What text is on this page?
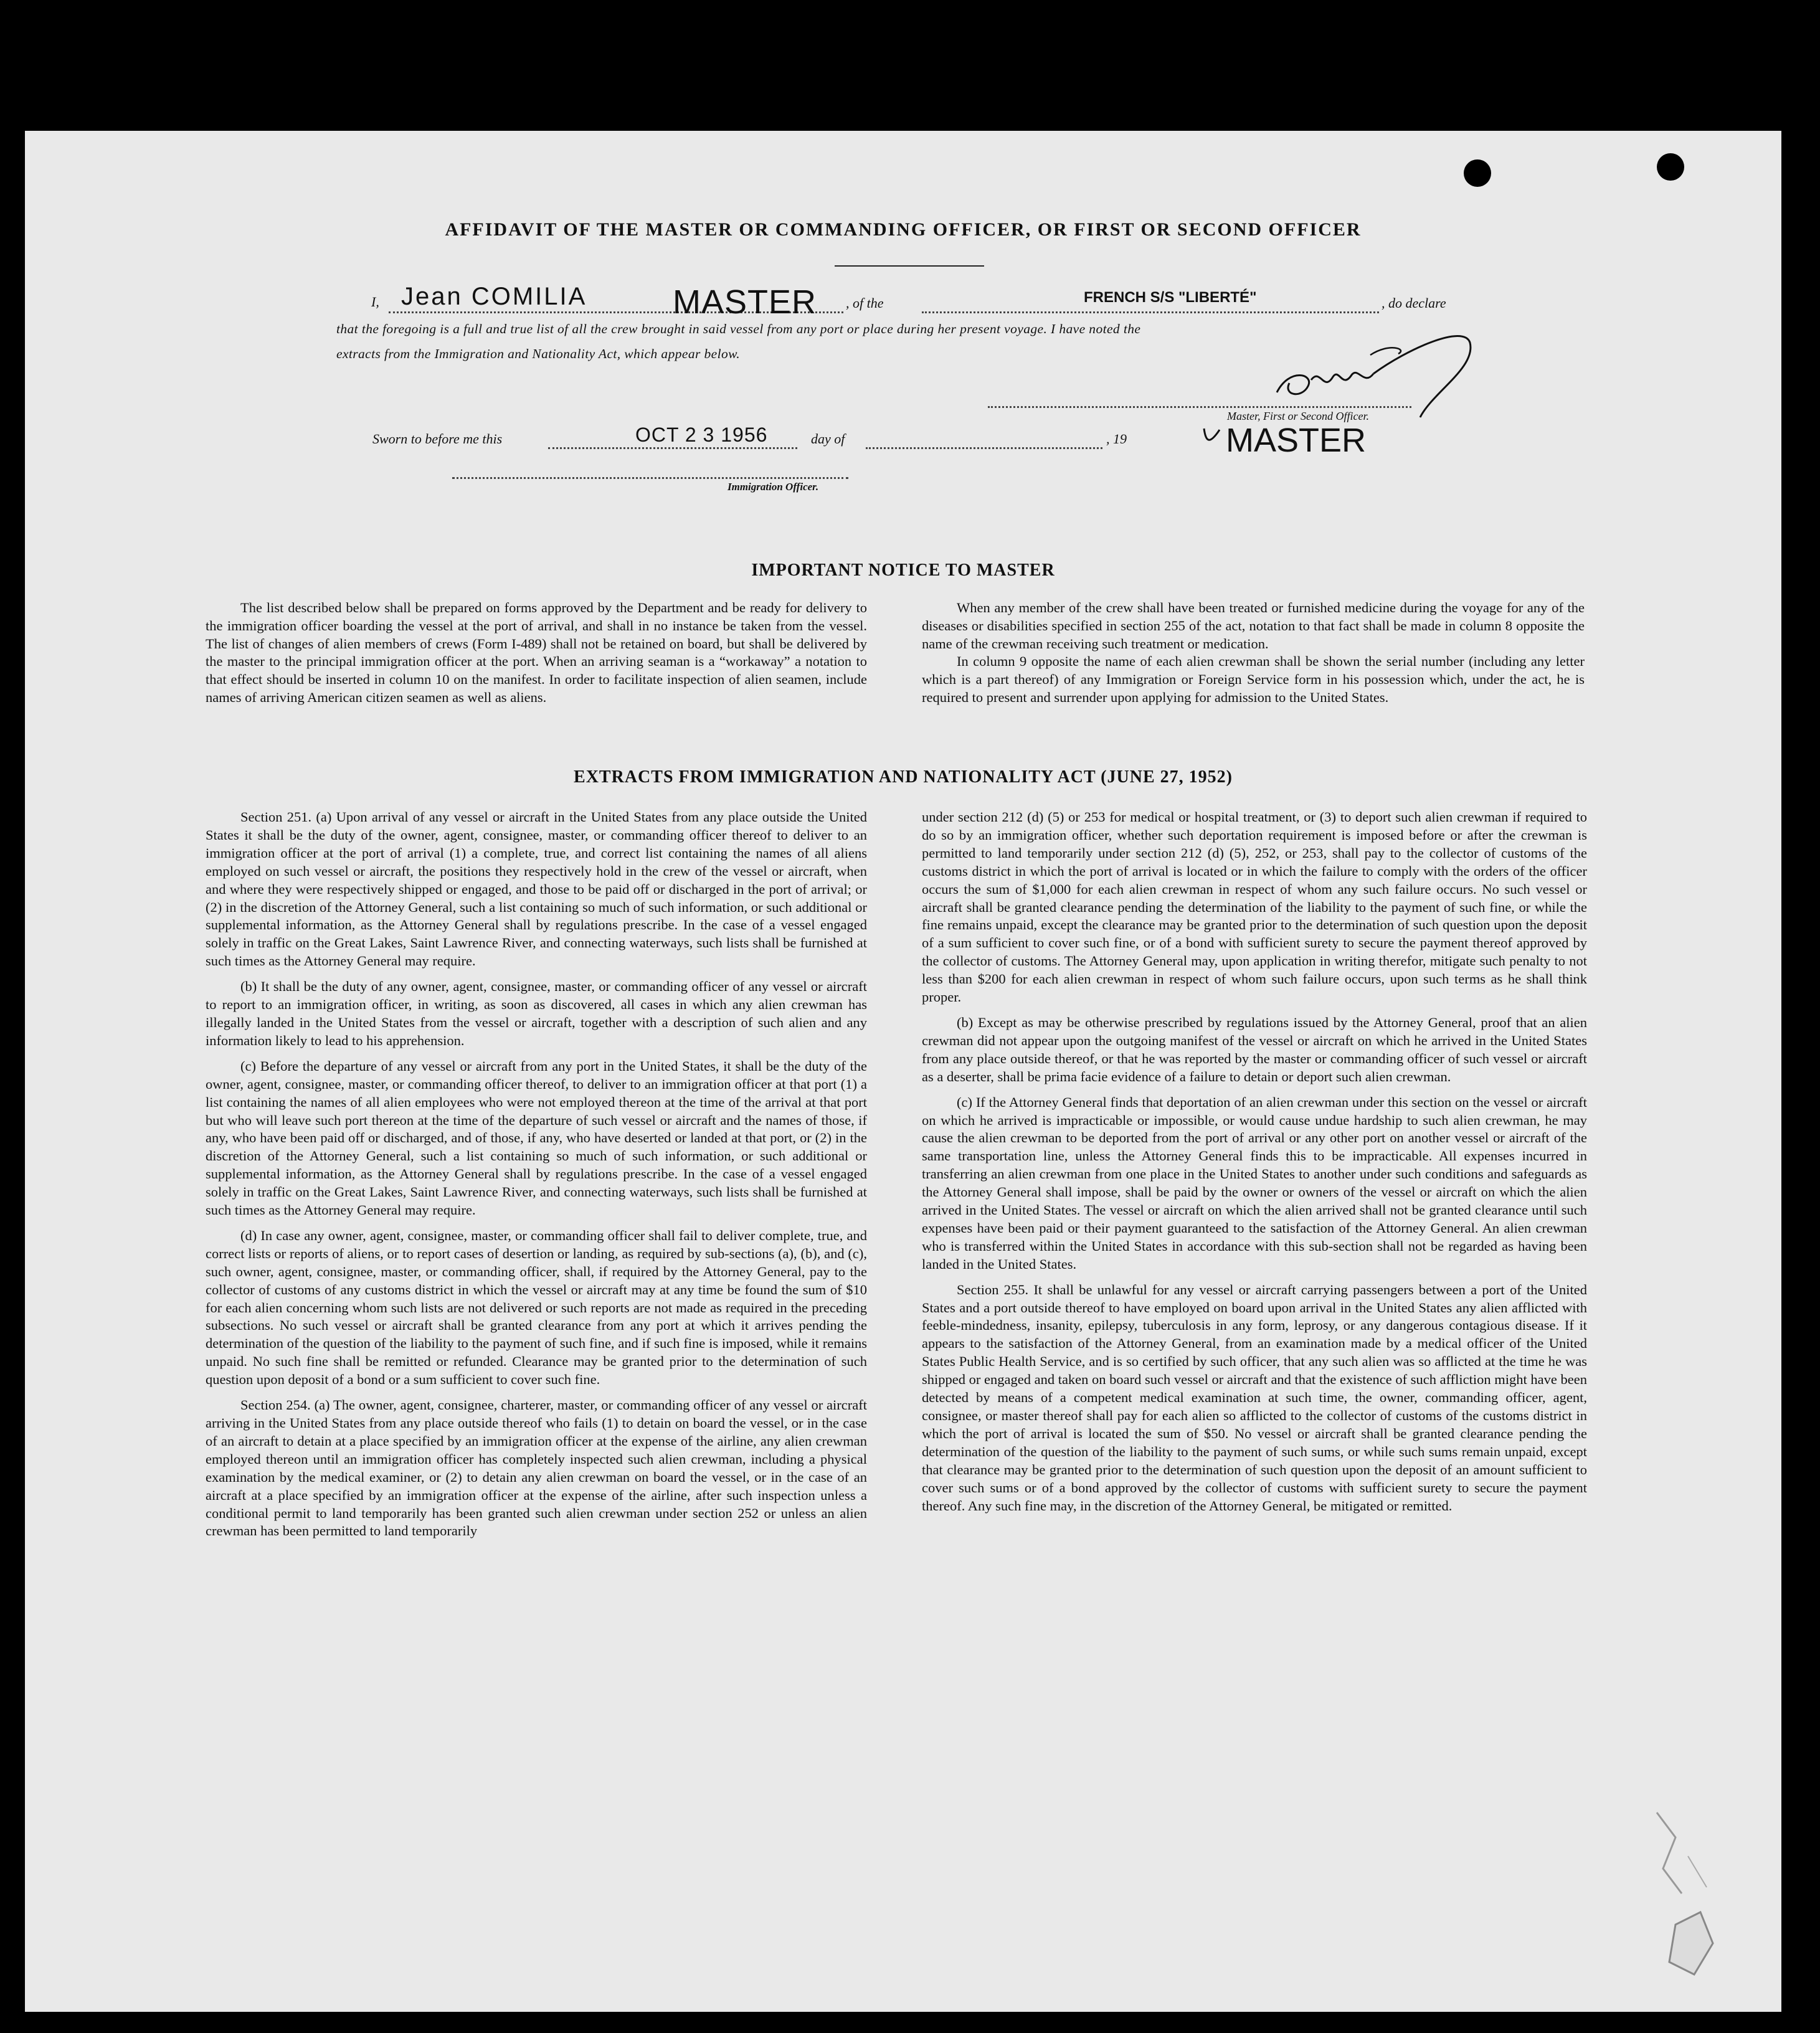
AFFIDAVIT OF THE MASTER OR COMMANDING OFFICER, OR FIRST OR SECOND OFFICER
I, Jean COMILIA	MASTER , of the	FRENCH S/S "LIBERTÉ"	, do declare
that the foregoing is a full and true list of all the crew brought in said vessel from any port or place during her present voyage. I have noted the
extracts from the Immigration and Nationality Act, which appear below.
Master, First or Second Officer.
MASTER
Sworn to before me this	OCT 2 3 1956	day of	, 19
Immigration Officer.
IMPORTANT NOTICE TO MASTER

The list described below shall be prepared on forms approved by the Department and be ready for delivery to the immigration officer boarding the vessel at the port of arrival, and shall in no instance be taken from the vessel. The list of changes of alien members of crews (Form I-489) shall not be retained on board, but shall be delivered by the master to the principal immigration officer at the port. When an arriving seaman is a “workaway” a notation to that effect should be inserted in column 10 on the manifest. In order to facilitate inspection of alien seamen, include names of arriving American citizen seamen as well as aliens.

When any member of the crew shall have been treated or furnished medicine during the voyage for any of the diseases or disabilities specified in section 255 of the act, notation to that fact shall be made in column 8 opposite the name of the crewman receiving such treatment or medication.

In column 9 opposite the name of each alien crewman shall be shown the serial number (including any letter which is a part thereof) of any Immigration or Foreign Service form in his possession which, under the act, he is required to present and surrender upon applying for admission to the United States.

EXTRACTS FROM IMMIGRATION AND NATIONALITY ACT (JUNE 27, 1952)

Section 251. (a) Upon arrival of any vessel or aircraft in the United States from any place outside the United States it shall be the duty of the owner, agent, consignee, master, or commanding officer thereof to deliver to an immigration officer at the port of arrival (1) a complete, true, and correct list containing the names of all aliens employed on such vessel or aircraft, the positions they respectively hold in the crew of the vessel or aircraft, when and where they were respectively shipped or engaged, and those to be paid off or discharged in the port of arrival; or (2) in the discretion of the Attorney General, such a list containing so much of such information, or such additional or supplemental information, as the Attorney General shall by regulations prescribe. In the case of a vessel engaged solely in traffic on the Great Lakes, Saint Lawrence River, and connecting waterways, such lists shall be furnished at such times as the Attorney General may require.

(b) It shall be the duty of any owner, agent, consignee, master, or commanding officer of any vessel or aircraft to report to an immigration officer, in writing, as soon as discovered, all cases in which any alien crewman has illegally landed in the United States from the vessel or aircraft, together with a description of such alien and any information likely to lead to his apprehension.

(c) Before the departure of any vessel or aircraft from any port in the United States, it shall be the duty of the owner, agent, consignee, master, or commanding officer thereof, to deliver to an immigration officer at that port (1) a list containing the names of all alien employees who were not employed thereon at the time of the arrival at that port but who will leave such port thereon at the time of the departure of such vessel or aircraft and the names of those, if any, who have been paid off or discharged, and of those, if any, who have deserted or landed at that port, or (2) in the discretion of the Attorney General, such a list containing so much of such information, or such additional or supplemental information, as the Attorney General shall by regulations prescribe. In the case of a vessel engaged solely in traffic on the Great Lakes, Saint Lawrence River, and connecting waterways, such lists shall be furnished at such times as the Attorney General may require.

(d) In case any owner, agent, consignee, master, or commanding officer shall fail to deliver complete, true, and correct lists or reports of aliens, or to report cases of desertion or landing, as required by sub-sections (a), (b), and (c), such owner, agent, consignee, master, or commanding officer, shall, if required by the Attorney General, pay to the collector of customs of any customs district in which the vessel or aircraft may at any time be found the sum of $10 for each alien concerning whom such lists are not delivered or such reports are not made as required in the preceding subsections. No such vessel or aircraft shall be granted clearance from any port at which it arrives pending the determination of the question of the liability to the payment of such fine, and if such fine is imposed, while it remains unpaid. No such fine shall be remitted or refunded. Clearance may be granted prior to the determination of such question upon deposit of a bond or a sum sufficient to cover such fine.

Section 254. (a) The owner, agent, consignee, charterer, master, or commanding officer of any vessel or aircraft arriving in the United States from any place outside thereof who fails (1) to detain on board the vessel, or in the case of an aircraft to detain at a place specified by an immigration officer at the expense of the airline, any alien crewman employed thereon until an immigration officer has completely inspected such alien crewman, including a physical examination by the medical examiner, or (2) to detain any alien crewman on board the vessel, or in the case of an aircraft at a place specified by an immigration officer at the expense of the airline, after such inspection unless a conditional permit to land temporarily has been granted such alien crewman under section 252 or unless an alien crewman has been permitted to land temporarily

under section 212 (d) (5) or 253 for medical or hospital treatment, or (3) to deport such alien crewman if required to do so by an immigration officer, whether such deportation requirement is imposed before or after the crewman is permitted to land temporarily under section 212 (d) (5), 252, or 253, shall pay to the collector of customs of the customs district in which the port of arrival is located or in which the failure to comply with the orders of the officer occurs the sum of $1,000 for each alien crewman in respect of whom any such failure occurs. No such vessel or aircraft shall be granted clearance pending the determination of the liability to the payment of such fine, or while the fine remains unpaid, except the clearance may be granted prior to the determination of such question upon the deposit of a sum sufficient to cover such fine, or of a bond with sufficient surety to secure the payment thereof approved by the collector of customs. The Attorney General may, upon application in writing therefor, mitigate such penalty to not less than $200 for each alien crewman in respect of whom such failure occurs, upon such terms as he shall think proper.

(b) Except as may be otherwise prescribed by regulations issued by the Attorney General, proof that an alien crewman did not appear upon the outgoing manifest of the vessel or aircraft on which he arrived in the United States from any place outside thereof, or that he was reported by the master or commanding officer of such vessel or aircraft as a deserter, shall be prima facie evidence of a failure to detain or deport such alien crewman.

(c) If the Attorney General finds that deportation of an alien crewman under this section on the vessel or aircraft on which he arrived is impracticable or impossible, or would cause undue hardship to such alien crewman, he may cause the alien crewman to be deported from the port of arrival or any other port on another vessel or aircraft of the same transportation line, unless the Attorney General finds this to be impracticable. All expenses incurred in transferring an alien crewman from one place in the United States to another under such conditions and safeguards as the Attorney General shall impose, shall be paid by the owner or owners of the vessel or aircraft on which the alien arrived in the United States. The vessel or aircraft on which the alien arrived shall not be granted clearance until such expenses have been paid or their payment guaranteed to the satisfaction of the Attorney General. An alien crewman who is transferred within the United States in accordance with this sub-section shall not be regarded as having been landed in the United States.

Section 255. It shall be unlawful for any vessel or aircraft carrying passengers between a port of the United States and a port outside thereof to have employed on board upon arrival in the United States any alien afflicted with feeble-mindedness, insanity, epilepsy, tuberculosis in any form, leprosy, or any dangerous contagious disease. If it appears to the satisfaction of the Attorney General, from an examination made by a medical officer of the United States Public Health Service, and is so certified by such officer, that any such alien was so afflicted at the time he was shipped or engaged and taken on board such vessel or aircraft and that the existence of such affliction might have been detected by means of a competent medical examination at such time, the owner, commanding officer, agent, consignee, or master thereof shall pay for each alien so afflicted to the collector of customs of the customs district in which the port of arrival is located the sum of $50. No vessel or aircraft shall be granted clearance pending the determination of the question of the liability to the payment of such sums, or while such sums remain unpaid, except that clearance may be granted prior to the determination of such question upon the deposit of an amount sufficient to cover such sums or of a bond approved by the collector of customs with sufficient surety to secure the payment thereof. Any such fine may, in the discretion of the Attorney General, be mitigated or remitted.
